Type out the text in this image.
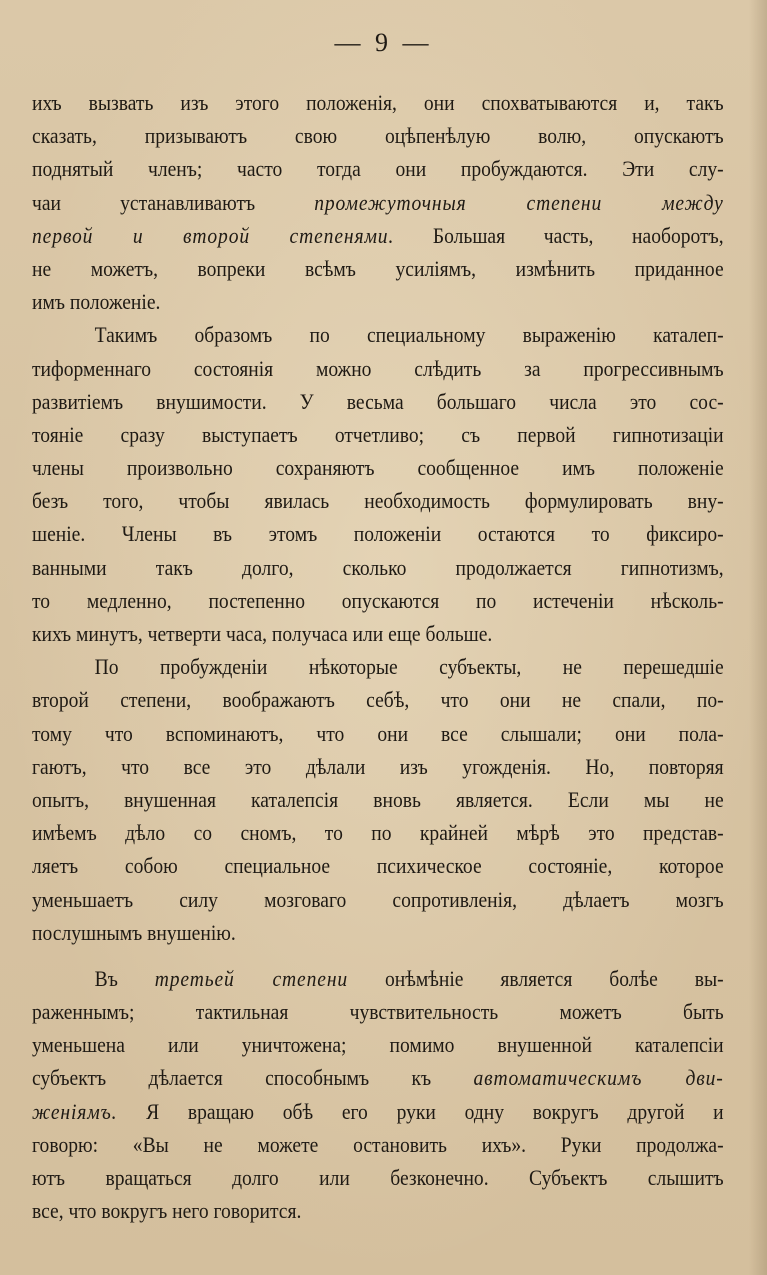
— 9 —
ихъ вызвать изъ этого положенія, они спохватываются и, такъ
сказать, призываютъ свою оцѣпенѣлую волю, опускаютъ
поднятый членъ; часто тогда они пробуждаются. Эти слу-
чаи устанавливаютъ промежуточныя степени между
первой и второй степенями. Большая часть, наоборотъ,
не можетъ, вопреки всѣмъ усиліямъ, измѣнить приданное
имъ положеніе.
Такимъ образомъ по специальному выраженію каталеп-
тиформеннаго состоянія можно слѣдить за прогрессивнымъ
развитіемъ внушимости. У весьма большаго числа это сос-
тояніе сразу выступаетъ отчетливо; съ первой гипнотизаціи
члены произвольно сохраняютъ сообщенное имъ положеніе
безъ того, чтобы явилась необходимость формулировать вну-
шеніе. Члены въ этомъ положеніи остаются то фиксиро-
ванными такъ долго, сколько продолжается гипнотизмъ,
то медленно, постепенно опускаются по истеченіи нѣсколь-
кихъ минутъ, четверти часа, получаса или еще больше.
По пробужденіи нѣкоторые субъекты, не перешедшіе
второй степени, воображаютъ себѣ, что они не спали, по-
тому что вспоминаютъ, что они все слышали; они пола-
гаютъ, что все это дѣлали изъ угожденія. Но, повторяя
опытъ, внушенная каталепсія вновь является. Если мы не
имѣемъ дѣло со сномъ, то по крайней мѣрѣ это представ-
ляетъ собою специальное психическое состояніе, которое
уменьшаетъ силу мозговаго сопротивленія, дѣлаетъ мозгъ
послушнымъ внушенію.
Въ третьей степени онѣмѣніе является болѣе вы-
раженнымъ; тактильная чувствительность можетъ быть
уменьшена или уничтожена; помимо внушенной каталепсіи
субъектъ дѣлается способнымъ къ автоматическимъ дви-
женіямъ. Я вращаю обѣ его руки одну вокругъ другой и
говорю: «Вы не можете остановить ихъ». Руки продолжа-
ютъ вращаться долго или безконечно. Субъектъ слышитъ
все, что вокругъ него говорится.
